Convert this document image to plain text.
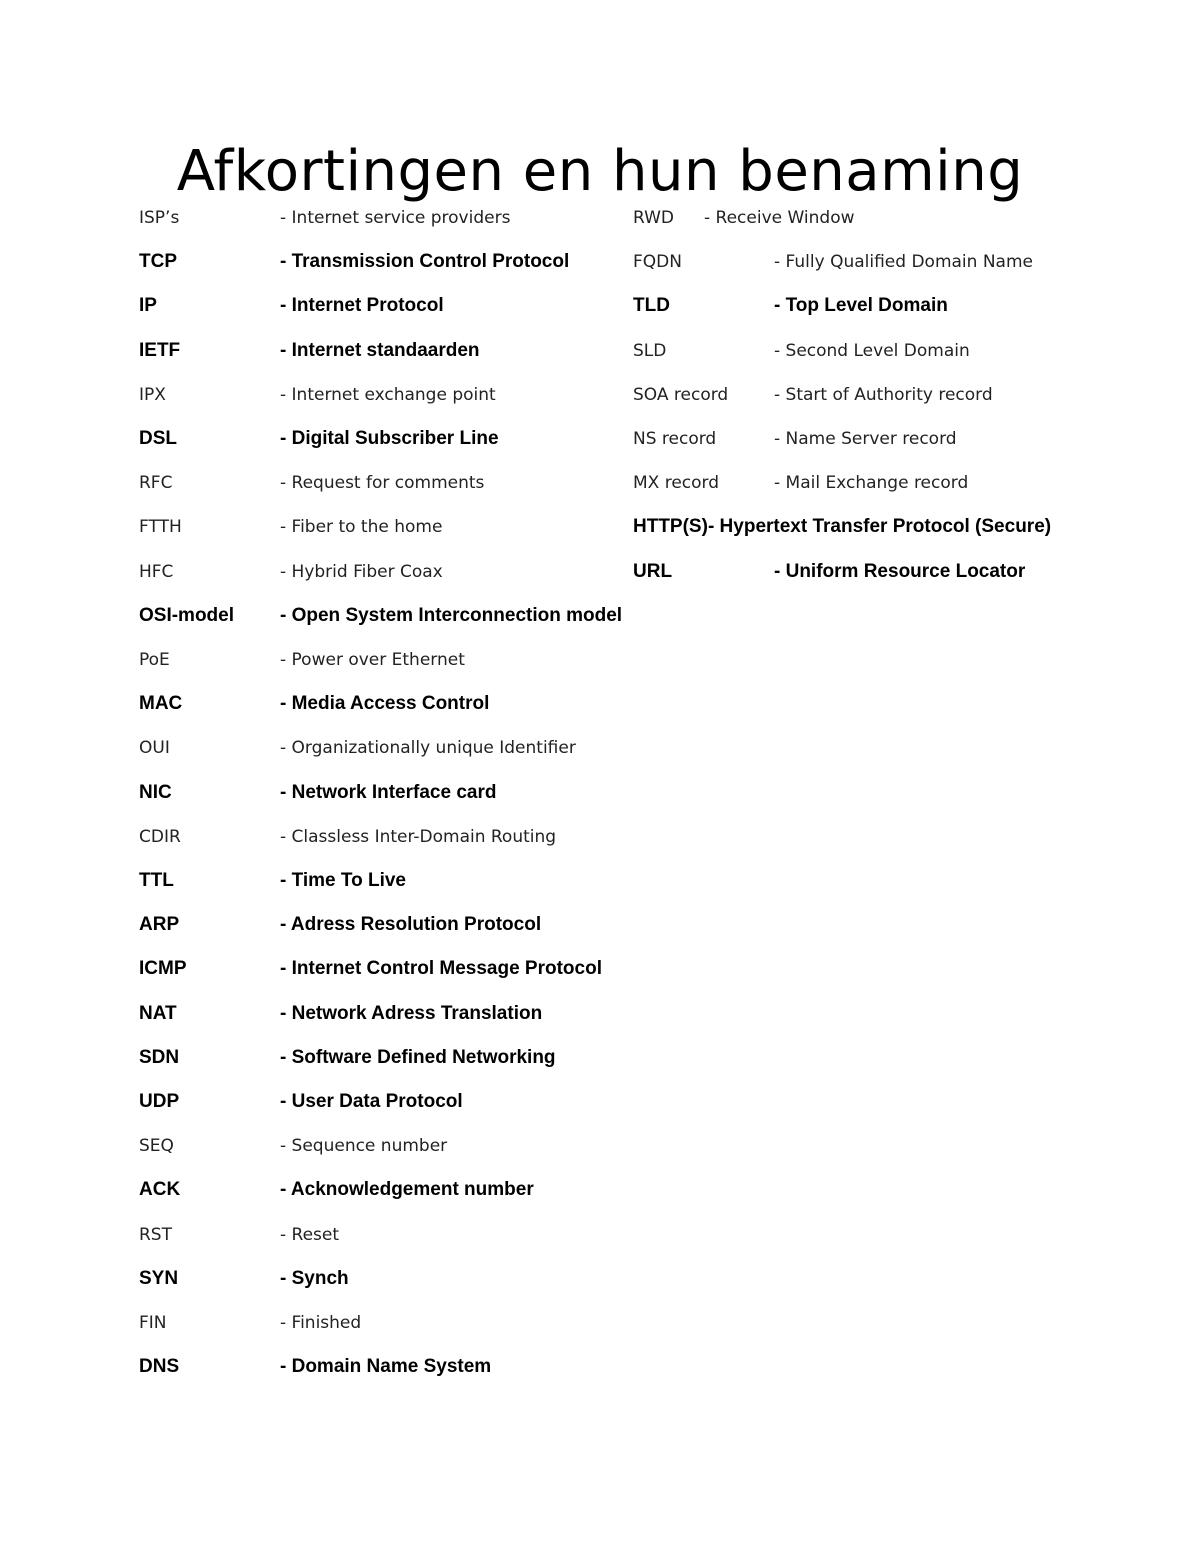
Afkortingen en hun benaming
ISP’s	- Internet service providers
TCP	- Transmission Control Protocol
IP	- Internet Protocol
IETF	- Internet standaarden
IPX	- Internet exchange point
DSL	- Digital Subscriber Line
RFC	- Request for comments
FTTH	- Fiber to the home
HFC	- Hybrid Fiber Coax
OSI-model - Open System Interconnection model
PoE	- Power over Ethernet
MAC	- Media Access Control
OUI	- Organizationally unique Identifier
NIC	- Network Interface card
CDIR	- Classless Inter-Domain Routing
TTL	- Time To Live
ARP	- Adress Resolution Protocol
ICMP	- Internet Control Message Protocol
NAT	- Network Adress Translation
SDN	- Software Defined Networking
UDP	- User Data Protocol
SEQ	- Sequence number
ACK	- Acknowledgement number
RST	- Reset
SYN	- Synch
FIN	- Finished
DNS	- Domain Name System
RWD - Receive Window
FQDN	- Fully Qualified Domain Name
TLD	- Top Level Domain
SLD	- Second Level Domain
SOA record	- Start of Authority record
NS record	- Name Server record
MX record	- Mail Exchange record
HTTP(S)- Hypertext Transfer Protocol (Secure)
URL	- Uniform Resource Locator
